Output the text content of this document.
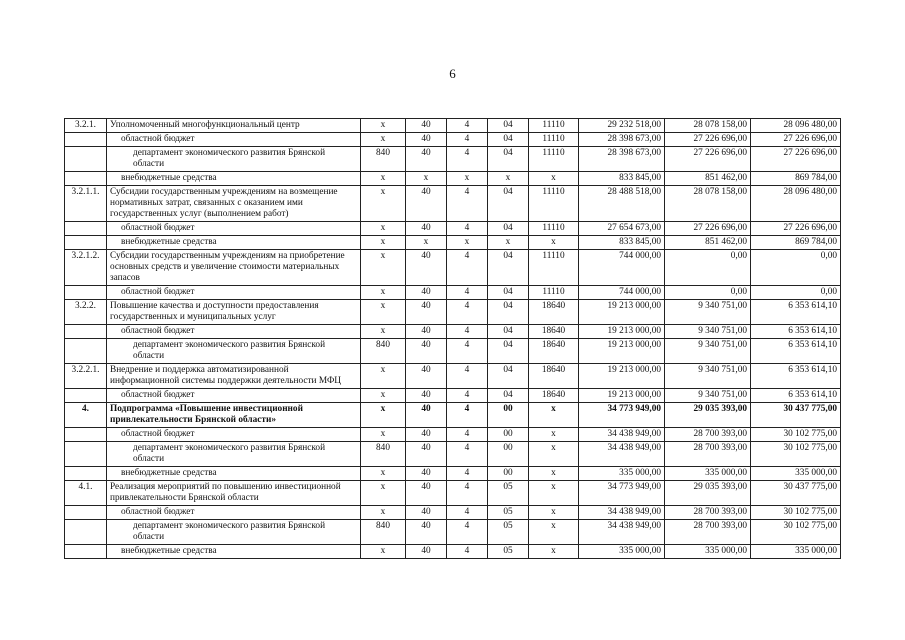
6
3.2.1.	Уполномоченный многофункциональный центр	х	40	4	04	11110	29 232 518,00	28 078 158,00	28 096 480,00
	областной бюджет	х	40	4	04	11110	28 398 673,00	27 226 696,00	27 226 696,00
	департамент экономического развития Брянской области	840	40	4	04	11110	28 398 673,00	27 226 696,00	27 226 696,00
	внебюджетные средства	х	х	х	х	х	833 845,00	851 462,00	869 784,00
3.2.1.1.	Субсидии государственным учреждениям на возмещение нормативных затрат, связанных с оказанием ими государственных услуг (выполнением работ)	х	40	4	04	11110	28 488 518,00	28 078 158,00	28 096 480,00
	областной бюджет	х	40	4	04	11110	27 654 673,00	27 226 696,00	27 226 696,00
	внебюджетные средства	х	х	х	х	х	833 845,00	851 462,00	869 784,00
3.2.1.2.	Субсидии государственным учреждениям на приобретение основных средств и увеличение стоимости материальных запасов	х	40	4	04	11110	744 000,00	0,00	0,00
	областной бюджет	х	40	4	04	11110	744 000,00	0,00	0,00
3.2.2.	Повышение качества и доступности предоставления государственных и муниципальных услуг	х	40	4	04	18640	19 213 000,00	9 340 751,00	6 353 614,10
	областной бюджет	х	40	4	04	18640	19 213 000,00	9 340 751,00	6 353 614,10
	департамент экономического развития Брянской области	840	40	4	04	18640	19 213 000,00	9 340 751,00	6 353 614,10
3.2.2.1.	Внедрение и поддержка автоматизированной информационной системы поддержки деятельности МФЦ	х	40	4	04	18640	19 213 000,00	9 340 751,00	6 353 614,10
	областной бюджет	х	40	4	04	18640	19 213 000,00	9 340 751,00	6 353 614,10
4.	Подпрограмма «Повышение инвестиционной привлекательности Брянской области»	х	40	4	00	х	34 773 949,00	29 035 393,00	30 437 775,00
	областной бюджет	х	40	4	00	х	34 438 949,00	28 700 393,00	30 102 775,00
	департамент экономического развития Брянской области	840	40	4	00	х	34 438 949,00	28 700 393,00	30 102 775,00
	внебюджетные средства	х	40	4	00	х	335 000,00	335 000,00	335 000,00
4.1.	Реализация мероприятий по повышению инвестиционной привлекательности Брянской области	х	40	4	05	х	34 773 949,00	29 035 393,00	30 437 775,00
	областной бюджет	х	40	4	05	х	34 438 949,00	28 700 393,00	30 102 775,00
	департамент экономического развития Брянской области	840	40	4	05	х	34 438 949,00	28 700 393,00	30 102 775,00
	внебюджетные средства	х	40	4	05	х	335 000,00	335 000,00	335 000,00
